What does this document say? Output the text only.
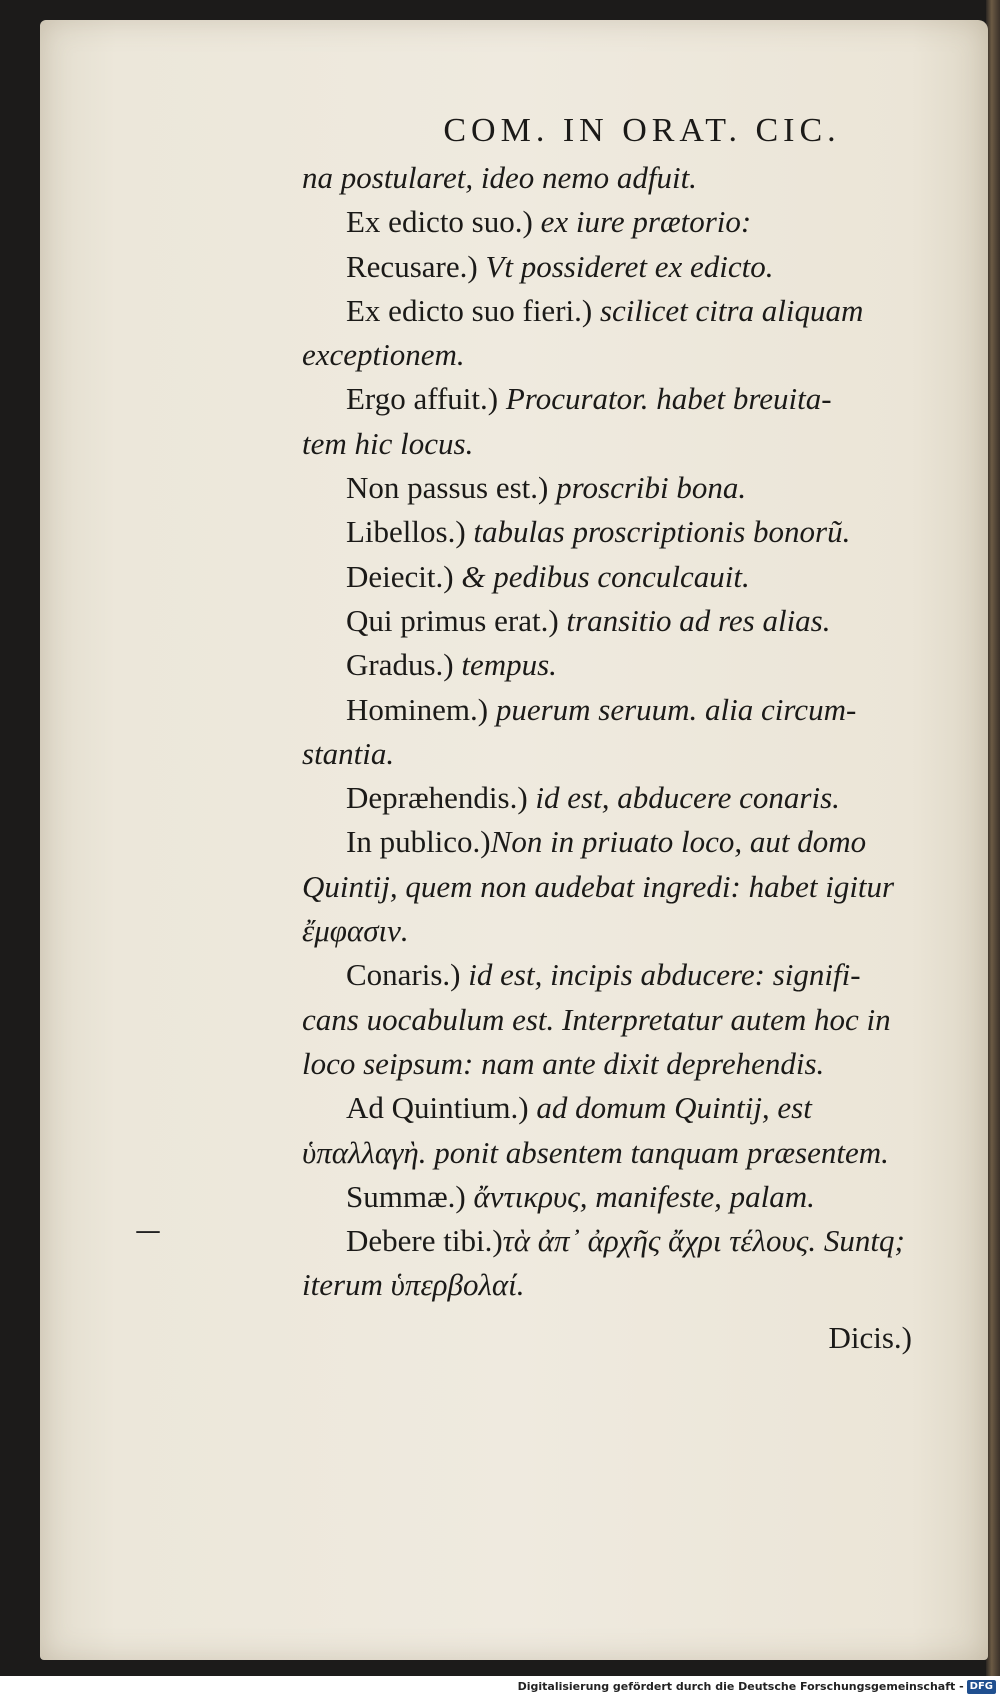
COM. IN ORAT. CIC.
na postularet, ideo nemo adfuit.
Ex edicto suo.) ex iure prætorio:
Recusare.) Vt possideret ex edicto.
Ex edicto suo fieri.) scilicet citra aliquam
exceptionem.
Ergo affuit.) Procurator. habet breuita-
tem hic locus.
Non passus est.) proscribi bona.
Libellos.) tabulas proscriptionis bonorũ.
Deiecit.) & pedibus conculcauit.
Qui primus erat.) transitio ad res alias.
Gradus.) tempus.
Hominem.) puerum seruum. alia circum-
stantia.
Depræhendis.) id est, abducere conaris.
In publico.)Non in priuato loco, aut domo
Quintij, quem non audebat ingredi: habet igitur
ἔμφασιν.
Conaris.) id est, incipis abducere: signifi-
cans uocabulum est. Interpretatur autem hoc in
loco seipsum: nam ante dixit deprehendis.
Ad Quintium.) ad domum Quintij, est
ὑπαλλαγὴ. ponit absentem tanquam præsentem.
Summæ.) ἄντικρυς, manifeste, palam.
Debere tibi.)τὰ ἀπ᾽ ἀρχῆς ἄχρι τέλους. Suntq;
iterum ὑπερβολαί.
Dicis.)
—
Digitalisierung gefördert durch die Deutsche Forschungsgemeinschaft - DFG
